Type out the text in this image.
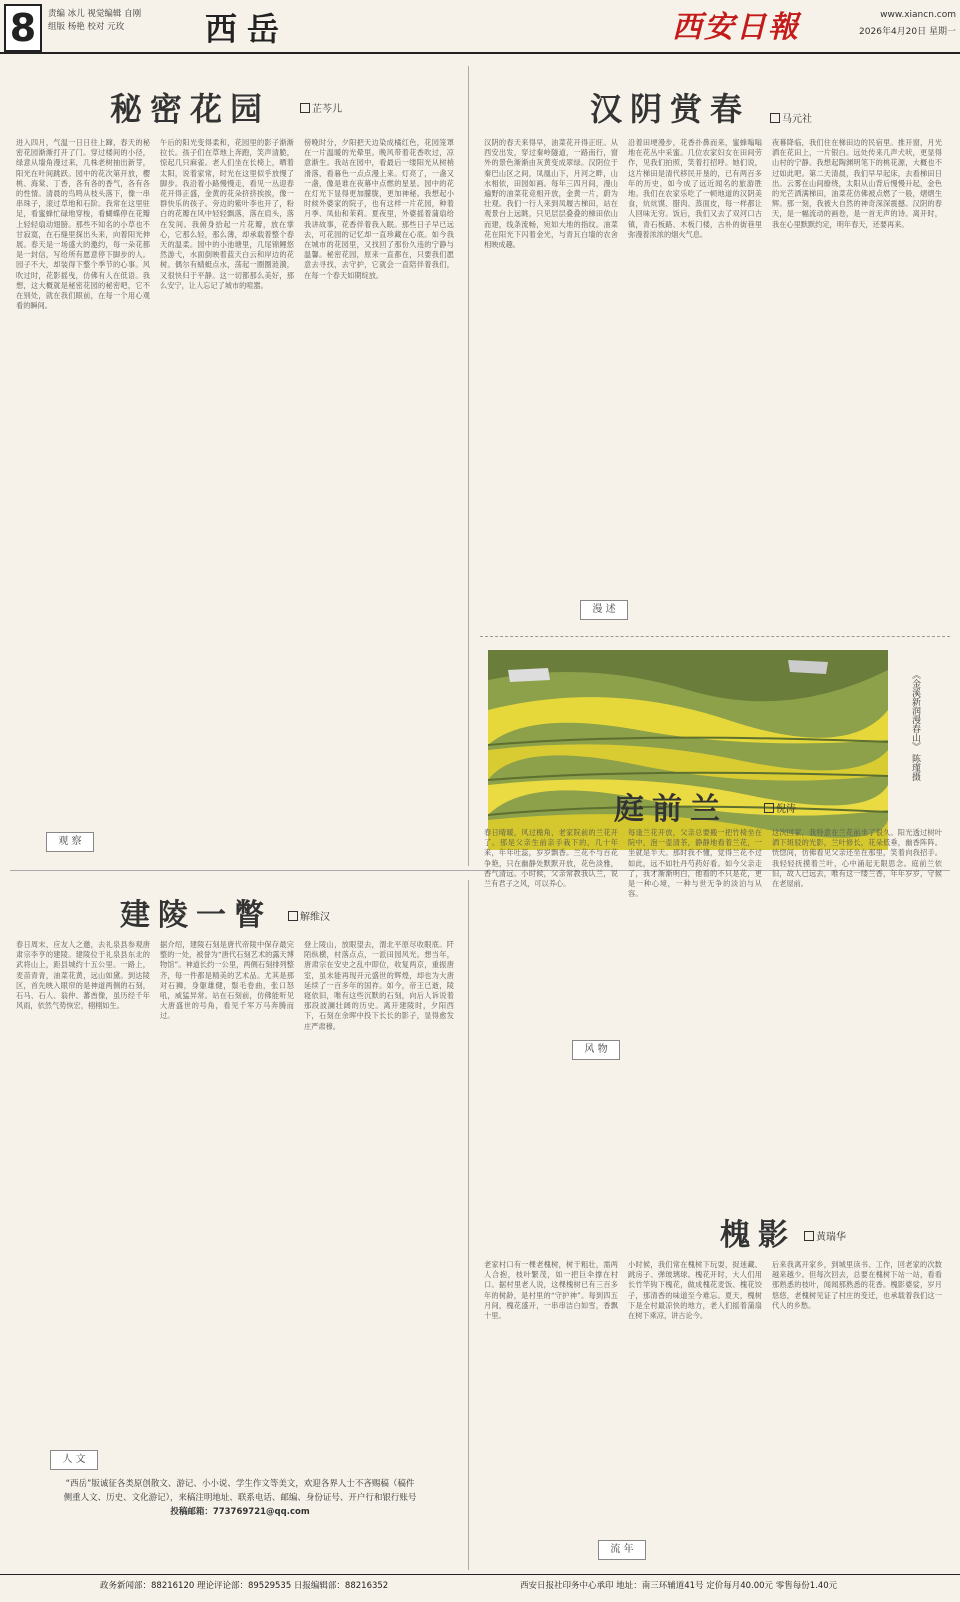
8	责编 冰儿 视觉编辑 自刚
组版 杨艳 校对 元玫	西岳	西安日報	www.xiancn.com
2026年4月20日 星期一
秘密花园	芷芩儿
进入四月，气温一日日往上蹿，春天的秘密花园渐渐打开了门。穿过楼间的小径，绿意从墙角漫过来，几株老树抽出新芽，阳光在叶间跳跃。园中的花次第开放，樱桃、海棠、丁香，各有各的香气，各有各的性情。清晨的鸟鸣从枝头落下，像一串串珠子，滚过草地和石阶。我常在这里驻足，看蜜蜂忙碌地穿梭，看蝴蝶停在花瓣上轻轻扇动翅膀。那些不知名的小草也不甘寂寞，在石缝里探出头来，向着阳光伸展。春天是一场盛大的邀约，每一朵花都是一封信，写给所有愿意停下脚步的人。园子不大，却装得下整个季节的心事。风吹过时，花影摇曳，仿佛有人在低语。我想，这大概就是秘密花园的秘密吧，它不在别处，就在我们眼前，在每一个用心观看的瞬间。
午后的阳光变得柔和，花园里的影子渐渐拉长。孩子们在草地上奔跑，笑声清脆，惊起几只麻雀。老人们坐在长椅上，晒着太阳，说着家常，时光在这里似乎放慢了脚步。我沿着小路慢慢走，看见一丛迎春花开得正盛，金黄的花朵挤挤挨挨，像一群快乐的孩子。旁边的紫叶李也开了，粉白的花瓣在风中轻轻飘落，落在肩头，落在发间。我俯身拾起一片花瓣，放在掌心，它那么轻，那么薄，却承载着整个春天的温柔。园中的小池塘里，几尾锦鲤悠然游弋，水面倒映着蓝天白云和岸边的花树。偶尔有蜻蜓点水，荡起一圈圈涟漪，又很快归于平静。这一切都那么美好，那么安宁，让人忘记了城市的喧嚣。
傍晚时分，夕阳把天边染成橘红色，花园笼罩在一片温暖的光晕里。晚风带着花香吹过，凉意渐生。我站在园中，看最后一缕阳光从树梢滑落，看暮色一点点漫上来。灯亮了，一盏又一盏，像是谁在夜幕中点燃的星星。园中的花在灯光下显得更加朦胧，更加神秘。我想起小时候外婆家的院子，也有这样一片花园，种着月季、凤仙和茉莉。夏夜里，外婆摇着蒲扇给我讲故事，花香伴着我入眠。那些日子早已远去，可花园的记忆却一直珍藏在心底。如今我在城市的花园里，又找回了那份久违的宁静与温馨。秘密花园，原来一直都在，只要我们愿意去寻找，去守护，它就会一直陪伴着我们，在每一个春天如期绽放。
观 察
汉阴赏春	马元社
汉阴的春天来得早，油菜花开得正旺。从西安出发，穿过秦岭隧道，一路南行，窗外的景色渐渐由灰黄变成翠绿。汉阴位于秦巴山区之间，凤凰山下，月河之畔，山水相依，田园如画。每年三四月间，漫山遍野的油菜花竞相开放，金黄一片，蔚为壮观。我们一行人来到凤堰古梯田，站在观景台上远眺，只见层层叠叠的梯田依山而建，线条流畅，宛如大地的指纹。油菜花在阳光下闪着金光，与青瓦白墙的农舍相映成趣。
沿着田埂漫步，花香扑鼻而来，蜜蜂嗡嗡地在花丛中采蜜。几位农家妇女在田间劳作，见我们拍照，笑着打招呼。她们说，这片梯田是清代移民开垦的，已有两百多年的历史，如今成了远近闻名的旅游胜地。我们在农家乐吃了一顿地道的汉阴美食，炕炕馍、腊肉、蒸面皮，每一样都让人回味无穷。饭后，我们又去了双河口古镇，青石板路、木板门楼，古朴的街巷里弥漫着浓浓的烟火气息。
夜幕降临，我们住在梯田边的民宿里。推开窗，月光洒在花田上，一片银白。远处传来几声犬吠，更显得山村的宁静。我想起陶渊明笔下的桃花源，大概也不过如此吧。第二天清晨，我们早早起床，去看梯田日出。云雾在山间缭绕，太阳从山背后慢慢升起，金色的光芒洒满梯田，油菜花仿佛被点燃了一般，熠熠生辉。那一刻，我被大自然的神奇深深震撼。汉阴的春天，是一幅流动的画卷，是一首无声的诗。离开时，我在心里默默约定，明年春天，还要再来。
漫 述
《金溪新润漫春山》 陈瑾摄
庭前兰	倪涛
春日晴暖，风过檐角，老家院前的兰花开了。那是父亲生前亲手栽下的，几十年来，年年吐蕊，岁岁飘香。兰花不与百花争艳，只在幽静处默默开放，花色淡雅，香气清远。小时候，父亲常教我认兰，说兰有君子之风，可以养心。
每逢兰花开放，父亲总要搬一把竹椅坐在院中，泡一壶清茶，静静地看着兰花，一坐就是半天。那时我不懂，觉得兰花不过如此，远不如牡丹芍药好看。如今父亲走了，我才渐渐明白，他看的不只是花，更是一种心境，一种与世无争的淡泊与从容。
这次回家，我特意在兰花前坐了很久。阳光透过树叶洒下斑驳的光影，兰叶修长，花朵低垂，幽香阵阵。恍惚间，仿佛看见父亲还坐在那里，笑着向我招手。我轻轻抚摸着兰叶，心中涌起无限思念。庭前兰依旧，故人已远去，唯有这一缕兰香，年年岁岁，守候在老屋前。
风 物
建陵一瞥	解维汉
春日周末，应友人之邀，去礼泉县参观唐肃宗李亨的建陵。建陵位于礼泉县东北的武将山上，距县城约十五公里。一路上，麦苗青青，油菜花黄，远山如黛。到达陵区，首先映入眼帘的是神道两侧的石刻，石马、石人、翁仲、蕃酋像，虽历经千年风雨，依然气势恢宏，栩栩如生。
据介绍，建陵石刻是唐代帝陵中保存最完整的一处，被誉为“唐代石刻艺术的露天博物馆”。神道长约一公里，两侧石刻排列整齐，每一件都是精美的艺术品。尤其是那对石狮，身躯雄健，鬃毛卷曲，张口怒吼，威猛异常。站在石刻前，仿佛能听见大唐盛世的号角，看见千军万马奔腾而过。
登上陵山，放眼望去，渭北平原尽收眼底。阡陌纵横，村落点点，一派田园风光。想当年，唐肃宗在安史之乱中即位，收复两京，重振唐室，虽未能再现开元盛世的辉煌，却也为大唐延续了一百多年的国祚。如今，帝王已逝，陵寝依旧，唯有这些沉默的石刻，向后人诉说着那段波澜壮阔的历史。离开建陵时，夕阳西下，石刻在余晖中投下长长的影子，显得愈发庄严肃穆。
人 文
槐影	黄瑞华
老家村口有一棵老槐树，树干粗壮，需两人合抱，枝叶繁茂，如一把巨伞撑在村口。据村里老人说，这棵槐树已有三百多年的树龄，是村里的“守护神”。每到四五月间，槐花盛开，一串串洁白如雪，香飘十里。
小时候，我们常在槐树下玩耍，捉迷藏、跳房子、弹玻璃球。槐花开时，大人们用长竹竿钩下槐花，做成槐花麦饭、槐花饺子，那清香的味道至今难忘。夏天，槐树下是全村最凉快的地方，老人们摇着蒲扇在树下乘凉，讲古论今。
后来我离开家乡，到城里读书、工作，回老家的次数越来越少。但每次回去，总要在槐树下站一站，看看那熟悉的枝叶，闻闻那熟悉的花香。槐影婆娑，岁月悠悠，老槐树见证了村庄的变迁，也承载着我们这一代人的乡愁。
流 年
“西岳”版诚征各类原创散文、游记、小小说、学生作文等美文，欢迎各界人士不吝赐稿（稿件
侧重人文、历史、文化游记），来稿注明地址、联系电话、邮编、身份证号、开户行和银行账号
投稿邮箱：773769721@qq.com
政务新闻部：88216120 理论评论部：89529535 日报编辑部：88216352	西安日报社印务中心承印 地址：南三环辅道41号 定价每月40.00元 零售每份1.40元
